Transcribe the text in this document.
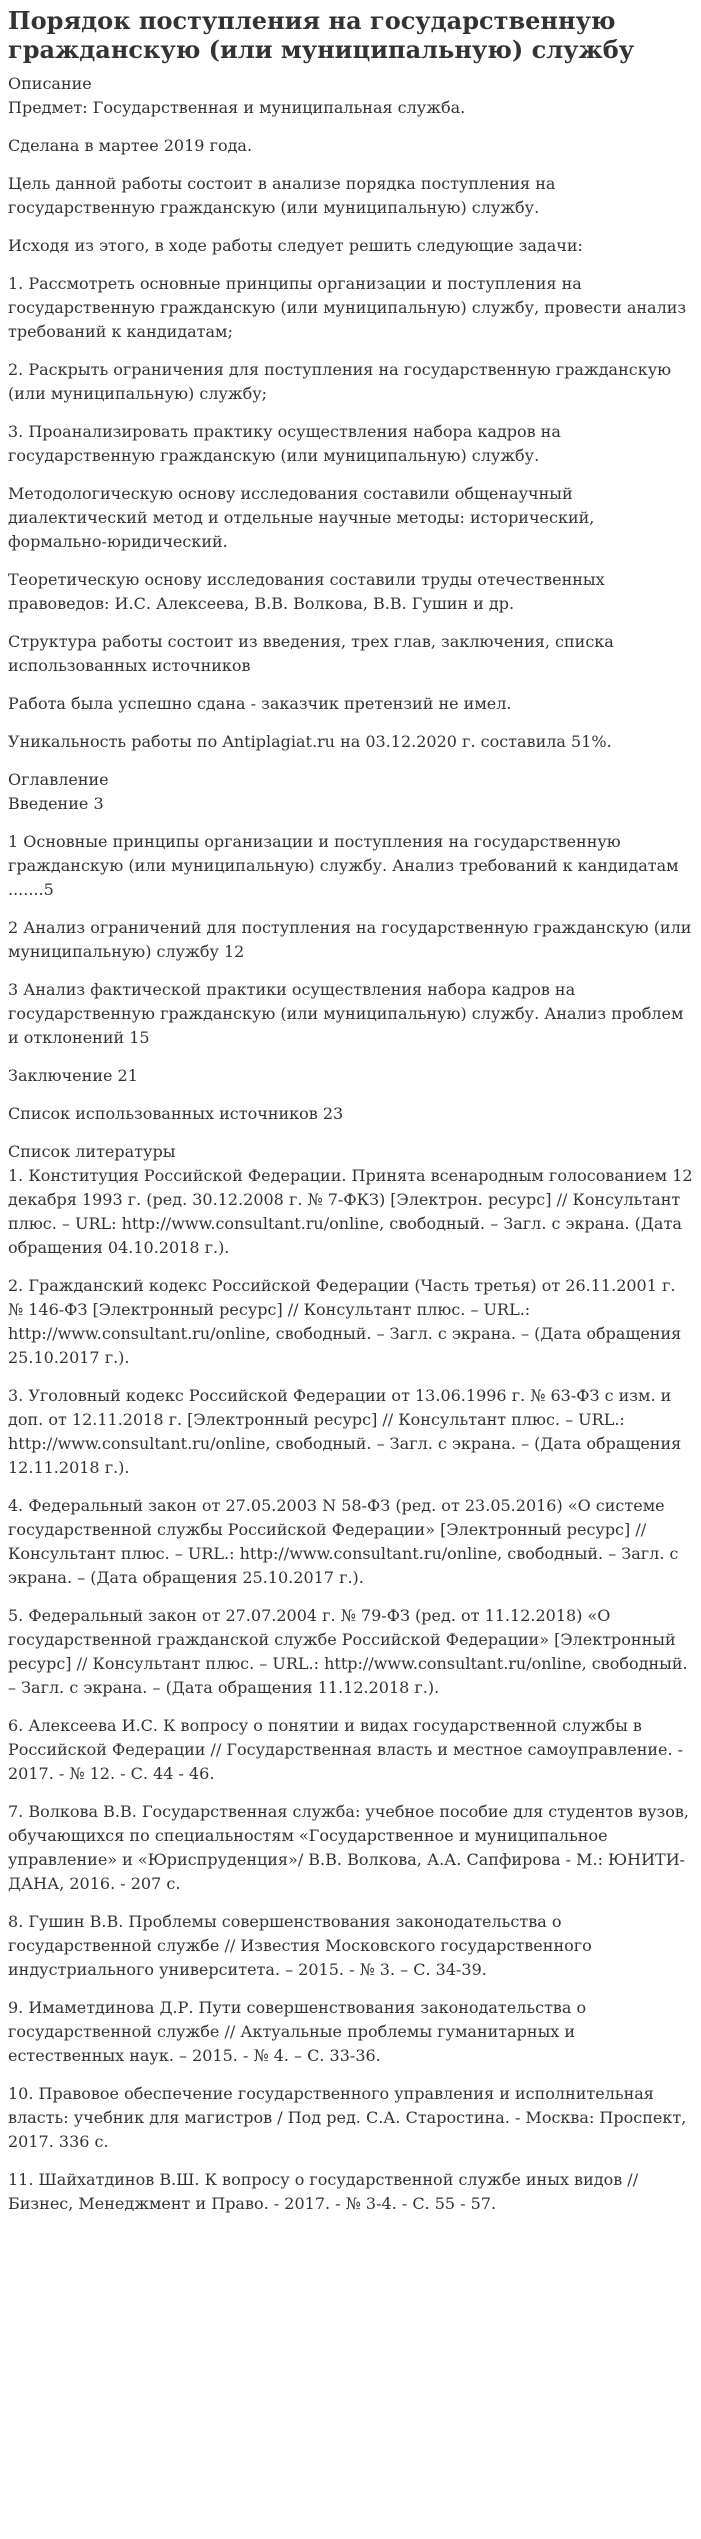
Порядок поступления на государственную гражданскую (или муниципальную) службу
Описание

Предмет: Государственная и муниципальная служба.

Сделана в мартее 2019 года.

Цель данной работы состоит в анализе порядка поступления на государственную гражданскую (или муниципальную) службу.

Исходя из этого, в ходе работы следует решить следующие задачи:

1. Рассмотреть основные принципы организации и поступления на государственную гражданскую (или муниципальную) службу, провести анализ требований к кандидатам;

2. Раскрыть ограничения для поступления на государственную гражданскую (или муниципальную) службу;

3. Проанализировать практику осуществления набора кадров на государственную гражданскую (или муниципальную) службу.

Методологическую основу исследования составили общенаучный диалектический метод и отдельные научные методы: исторический, формально-юридический.

Теоретическую основу исследования составили труды отечественных правоведов: И.С. Алексеева, В.В. Волкова, В.В. Гушин и др.

Структура работы состоит из введения, трех глав, заключения, списка использованных источников

Работа была успешно сдана - заказчик претензий не имел.

Уникальность работы по Antiplagiat.ru на 03.12.2020 г. составила 51%.

Оглавление

Введение 3

1 Основные принципы организации и поступления на государственную гражданскую (или муниципальную) службу. Анализ требований к кандидатам .......5

2 Анализ ограничений для поступления на государственную гражданскую (или муниципальную) службу 12

3 Анализ фактической практики осуществления набора кадров на государственную гражданскую (или муниципальную) службу. Анализ проблем и отклонений 15

Заключение 21

Список использованных источников 23

Список литературы

1. Конституция Российской Федерации. Принята всенародным голосованием 12 декабря 1993 г. (ред. 30.12.2008 г. № 7-ФКЗ) [Электрон. ресурс] // Консультант плюс. – URL: http://www.consultant.ru/online, свободный. – Загл. с экрана. (Дата обращения 04.10.2018 г.).

2. Гражданский кодекс Российской Федерации (Часть третья) от 26.11.2001 г. № 146-ФЗ [Электронный ресурс] // Консультант плюс. – URL.: http://www.consultant.ru/online, свободный. – Загл. с экрана. – (Дата обращения 25.10.2017 г.).

3. Уголовный кодекс Российской Федерации от 13.06.1996 г. № 63-ФЗ с изм. и доп. от 12.11.2018 г. [Электронный ресурс] // Консультант плюс. – URL.: http://www.consultant.ru/online, свободный. – Загл. с экрана. – (Дата обращения 12.11.2018 г.).

4. Федеральный закон от 27.05.2003 N 58-ФЗ (ред. от 23.05.2016) «О системе государственной службы Российской Федерации» [Электронный ресурс] // Консультант плюс. – URL.: http://www.consultant.ru/online, свободный. – Загл. с экрана. – (Дата обращения 25.10.2017 г.).

5. Федеральный закон от 27.07.2004 г. № 79-ФЗ (ред. от 11.12.2018) «О государственной гражданской службе Российской Федерации» [Электронный ресурс] // Консультант плюс. – URL.: http://www.consultant.ru/online, свободный. – Загл. с экрана. – (Дата обращения 11.12.2018 г.).

6. Алексеева И.С. К вопросу о понятии и видах государственной службы в Российской Федерации // Государственная власть и местное самоуправление. - 2017. - № 12. - С. 44 - 46.

7. Волкова В.В. Государственная служба: учебное пособие для студентов вузов, обучающихся по специальностям «Государственное и муниципальное управление» и «Юриспруденция»/ В.В. Волкова, А.А. Сапфирова - М.: ЮНИТИ-ДАНА, 2016. - 207 с.

8. Гушин В.В. Проблемы совершенствования законодательства о государственной службе // Известия Московского государственного индустриального университета. – 2015. - № 3. – С. 34-39.

9. Имаметдинова Д.Р. Пути совершенствования законодательства о государственной службе // Актуальные проблемы гуманитарных и естественных наук. – 2015. - № 4. – С. 33-36.

10. Правовое обеспечение государственного управления и исполнительная власть: учебник для магистров / Под ред. С.А. Старостина. - Москва: Проспект, 2017. 336 с.

11. Шайхатдинов В.Ш. К вопросу о государственной службе иных видов // Бизнес, Менеджмент и Право. - 2017. - № 3-4. - С. 55 - 57.
